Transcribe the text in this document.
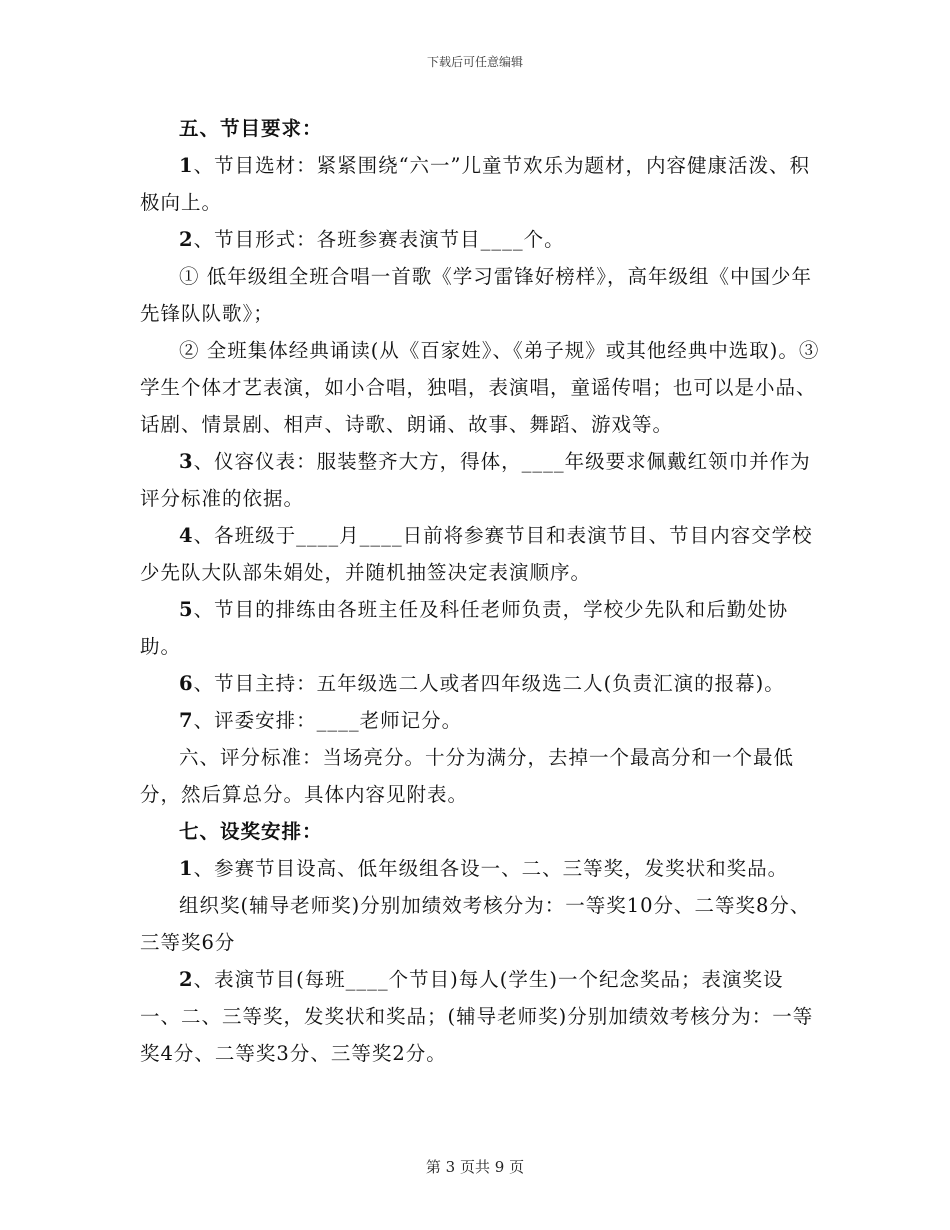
下载后可任意编辑

五、节目要求：

1、节目选材：紧紧围绕“六一”儿童节欢乐为题材，内容健康活泼、积极向上。

2、节目形式：各班参赛表演节目____个。

① 低年级组全班合唱一首歌《学习雷锋好榜样》，高年级组《中国少年先锋队队歌》；

② 全班集体经典诵读(从《百家姓》、《弟子规》或其他经典中选取)。③学生个体才艺表演，如小合唱，独唱，表演唱，童谣传唱；也可以是小品、话剧、情景剧、相声、诗歌、朗诵、故事、舞蹈、游戏等。

3、仪容仪表：服装整齐大方，得体，____年级要求佩戴红领巾并作为评分标准的依据。

4、各班级于____月____日前将参赛节目和表演节目、节目内容交学校少先队大队部朱娟处，并随机抽签决定表演顺序。

5、节目的排练由各班主任及科任老师负责，学校少先队和后勤处协助。

6、节目主持：五年级选二人或者四年级选二人(负责汇演的报幕)。

7、评委安排：____老师记分。

六、评分标准：当场亮分。十分为满分，去掉一个最高分和一个最低分，然后算总分。具体内容见附表。

七、设奖安排：

1、参赛节目设高、低年级组各设一、二、三等奖，发奖状和奖品。

组织奖(辅导老师奖)分别加绩效考核分为：一等奖10分、二等奖8分、三等奖6分

2、表演节目(每班____个节目)每人(学生)一个纪念奖品；表演奖设一、二、三等奖，发奖状和奖品；(辅导老师奖)分别加绩效考核分为：一等奖4分、二等奖3分、三等奖2分。

第 3 页共 9 页
